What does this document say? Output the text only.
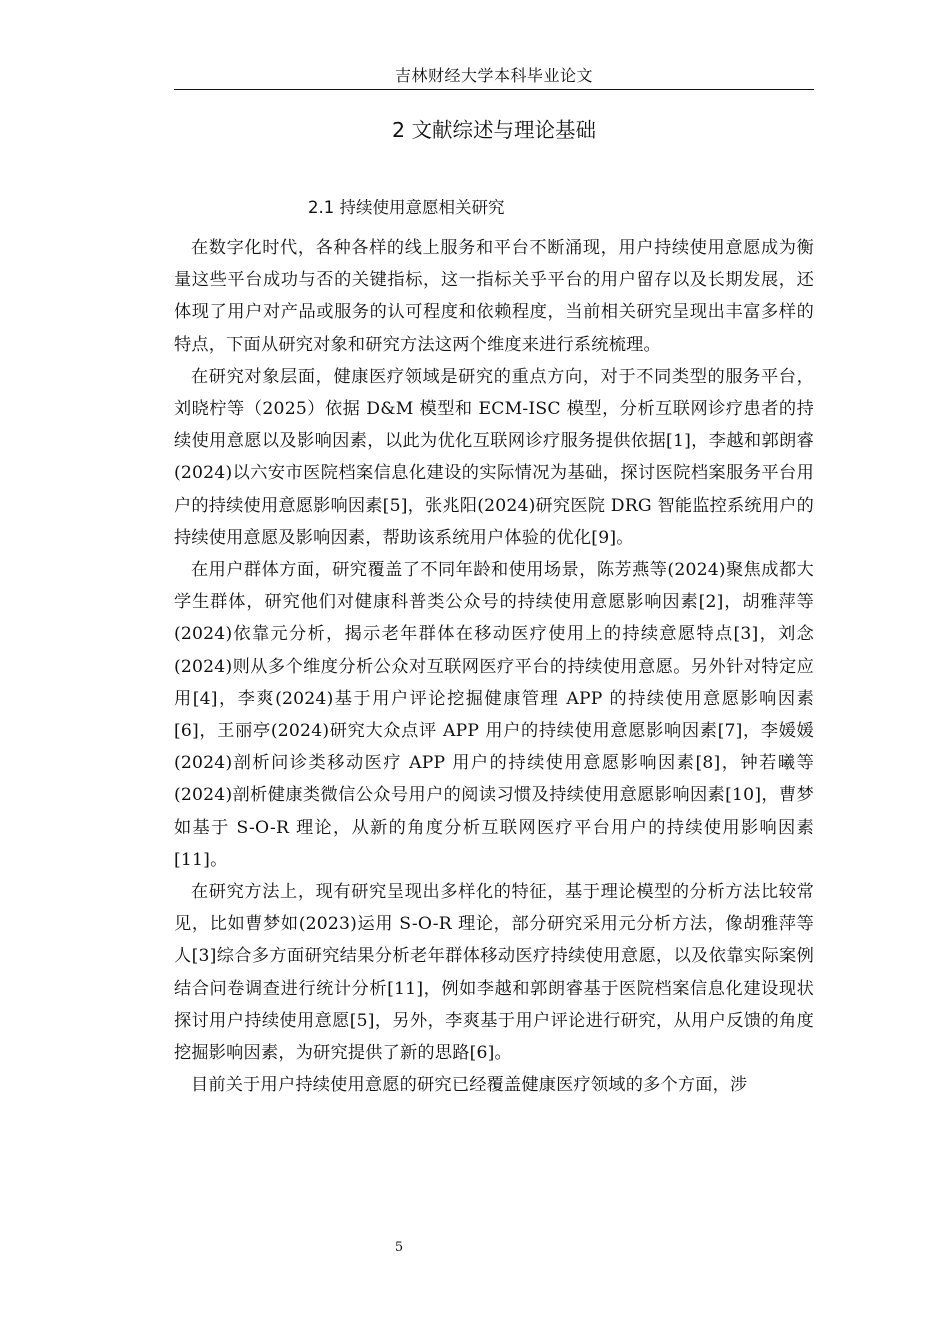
吉林财经大学本科毕业论文
2 文献综述与理论基础
2.1 持续使用意愿相关研究

在数字化时代，各种各样的线上服务和平台不断涌现，用户持续使用意愿成为衡量这些平台成功与否的关键指标，这一指标关乎平台的用户留存以及长期发展，还体现了用户对产品或服务的认可程度和依赖程度，当前相关研究呈现出丰富多样的特点，下面从研究对象和研究方法这两个维度来进行系统梳理。

在研究对象层面，健康医疗领域是研究的重点方向，对于不同类型的服务平台，刘晓柠等（2025）依据 D&M 模型和 ECM-ISC 模型，分析互联网诊疗患者的持续使用意愿以及影响因素，以此为优化互联网诊疗服务提供依据[1]，李越和郭朗睿(2024)以六安市医院档案信息化建设的实际情况为基础，探讨医院档案服务平台用户的持续使用意愿影响因素[5]，张兆阳(2024)研究医院 DRG 智能监控系统用户的持续使用意愿及影响因素，帮助该系统用户体验的优化[9]。

在用户群体方面，研究覆盖了不同年龄和使用场景，陈芳燕等(2024)聚焦成都大学生群体，研究他们对健康科普类公众号的持续使用意愿影响因素[2]，胡雅萍等(2024)依靠元分析，揭示老年群体在移动医疗使用上的持续意愿特点[3]，刘念(2024)则从多个维度分析公众对互联网医疗平台的持续使用意愿。另外针对特定应用[4]，李爽(2024)基于用户评论挖掘健康管理 APP 的持续使用意愿影响因素[6]，王丽亭(2024)研究大众点评 APP 用户的持续使用意愿影响因素[7]，李媛媛(2024)剖析问诊类移动医疗 APP 用户的持续使用意愿影响因素[8]，钟若曦等(2024)剖析健康类微信公众号用户的阅读习惯及持续使用意愿影响因素[10]，曹梦如基于 S-O-R 理论，从新的角度分析互联网医疗平台用户的持续使用影响因素[11]。

在研究方法上，现有研究呈现出多样化的特征，基于理论模型的分析方法比较常见，比如曹梦如(2023)运用 S-O-R 理论，部分研究采用元分析方法，像胡雅萍等人[3]综合多方面研究结果分析老年群体移动医疗持续使用意愿，以及依靠实际案例结合问卷调查进行统计分析[11]，例如李越和郭朗睿基于医院档案信息化建设现状探讨用户持续使用意愿[5]，另外，李爽基于用户评论进行研究，从用户反馈的角度挖掘影响因素，为研究提供了新的思路[6]。

目前关于用户持续使用意愿的研究已经覆盖健康医疗领域的多个方面，涉

5
